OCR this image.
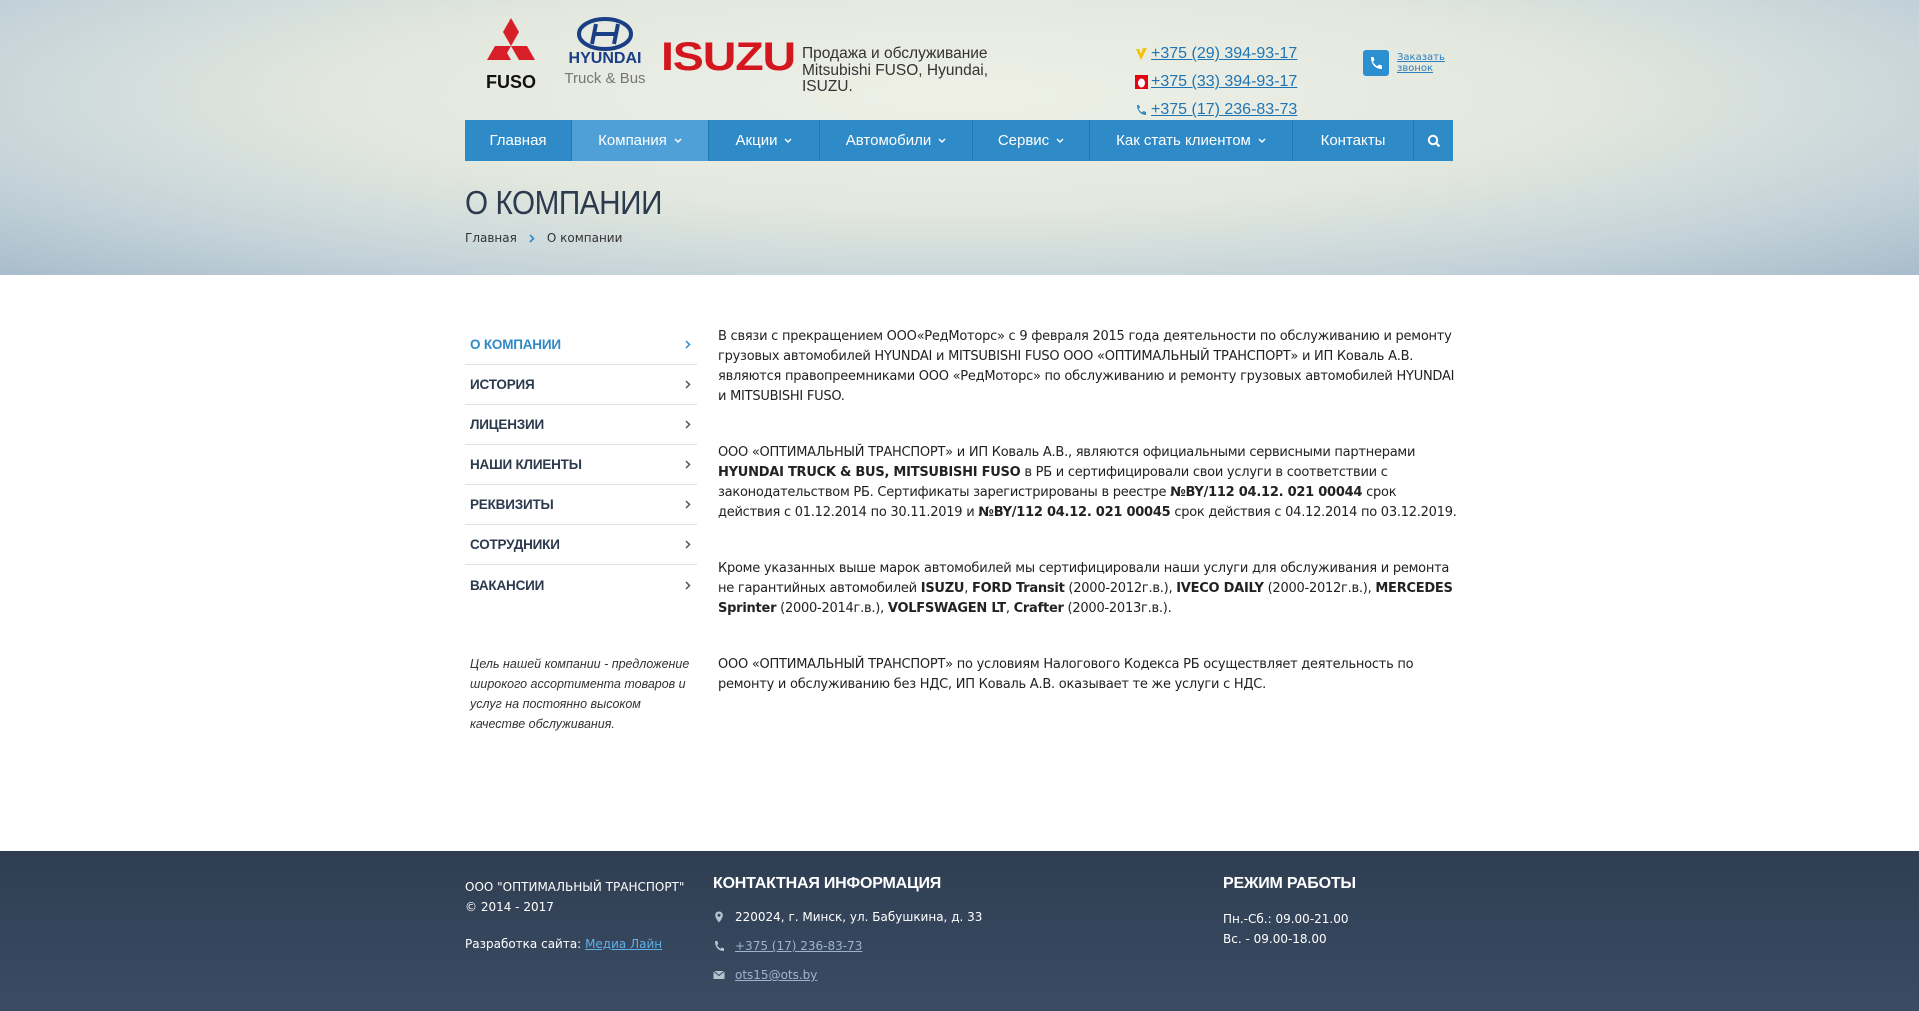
FUSO
HYUNDAI
Truck & Bus ISUZU Продажа и обслуживание Mitsubishi FUSO, Hyundai, ISUZU.
+375 (29) 394-93-17
+375 (33) 394-93-17
+375 (17) 236-83-73
Заказать звонок
Главная	Компания	Акции	Автомобили	Сервис	Как стать клиентом	Контакты
О КОМПАНИИ
Главная	О компании
О КОМПАНИИ
ИСТОРИЯ
ЛИЦЕНЗИИ
НАШИ КЛИЕНТЫ
РЕКВИЗИТЫ
СОТРУДНИКИ
ВАКАНСИИ
Цель нашей компании - предложение широкого ассортимента товаров и услуг на постоянно высоком качестве обслуживания.

В связи с прекращением ООО«РедМоторс» с 9 февраля 2015 года деятельности по обслуживанию и ремонту грузовых автомобилей HYUNDAI и MITSUBISHI FUSO ООО «ОПТИМАЛЬНЫЙ ТРАНСПОРТ» и ИП Коваль А.В. являются правопреемниками ООО «РедМоторс» по обслуживанию и ремонту грузовых автомобилей HYUNDAI и MITSUBISHI FUSO.

ООО «ОПТИМАЛЬНЫЙ ТРАНСПОРТ» и ИП Коваль А.В., являются официальными сервисными партнерами HYUNDAI TRUCK & BUS, MITSUBISHI FUSO в РБ и сертифицировали свои услуги в соответствии с законодательством РБ. Сертификаты зарегистрированы в реестре №BY/112 04.12. 021 00044 срок действия с 01.12.2014 по 30.11.2019 и №BY/112 04.12. 021 00045 срок действия с 04.12.2014 по 03.12.2019.

Кроме указанных выше марок автомобилей мы сертифицировали наши услуги для обслуживания и ремонта не гарантийных автомобилей ISUZU, FORD Transit (2000-2012г.в.), IVECO DAILY (2000-2012г.в.), MERCEDES Sprinter (2000-2014г.в.), VOLFSWAGEN LT, Crafter (2000-2013г.в.).

ООО «ОПТИМАЛЬНЫЙ ТРАНСПОРТ» по условиям Налогового Кодекса РБ осуществляет деятельность по ремонту и обслуживанию без НДС, ИП Коваль А.В. оказывает те же услуги с НДС.

ООО "ОПТИМАЛЬНЫЙ ТРАНСПОРТ"
© 2014 - 2017
Разработка сайта: Медиа Лайн
КОНТАКТНАЯ ИНФОРМАЦИЯ
220024, г. Минск, ул. Бабушкина, д. 33
+375 (17) 236-83-73
ots15@ots.by
РЕЖИМ РАБОТЫ
Пн.-Сб.: 09.00-21.00
Вс. - 09.00-18.00
